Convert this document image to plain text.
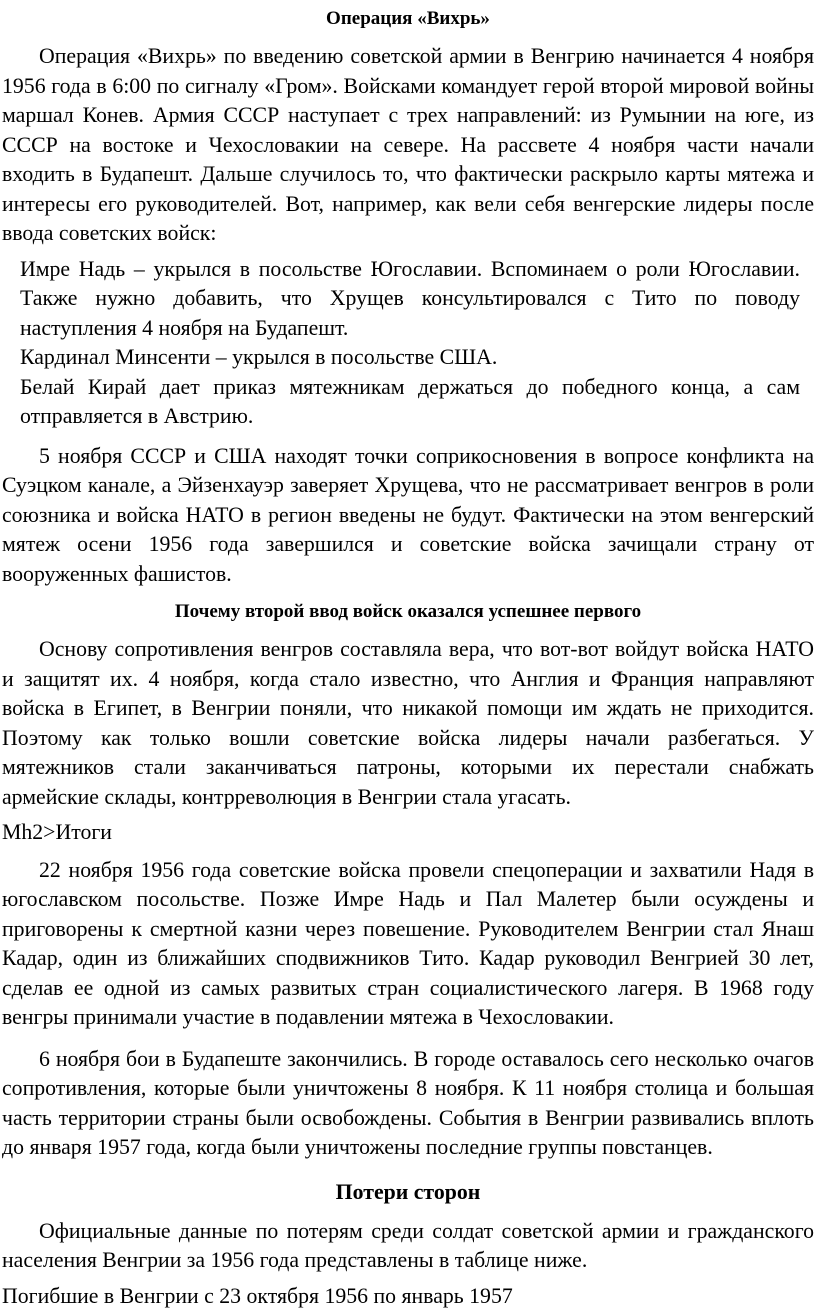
Операция «Вихрь»

Операция «Вихрь» по введению советской армии в Венгрию начинается 4 ноября 1956 года в 6:00 по сигналу «Гром». Войсками командует герой второй мировой войны маршал Конев. Армия СССР наступает с трех направлений: из Румынии на юге, из СССР на востоке и Чехословакии на севере. На рассвете 4 ноября части начали входить в Будапешт. Дальше случилось то, что фактически раскрыло карты мятежа и интересы его руководителей. Вот, например, как вели себя венгерские лидеры после ввода советских войск:

Имре Надь – укрылся в посольстве Югославии. Вспоминаем о роли Югославии. Также нужно добавить, что Хрущев консультировался с Тито по поводу наступления 4 ноября на Будапешт.

Кардинал Минсенти – укрылся в посольстве США.

Белай Кирай дает приказ мятежникам держаться до победного конца, а сам отправляется в Австрию.

5 ноября СССР и США находят точки соприкосновения в вопросе конфликта на Суэцком канале, а Эйзенхауэр заверяет Хрущева, что не рассматривает венгров в роли союзника и войска НАТО в регион введены не будут. Фактически на этом венгерский мятеж осени 1956 года завершился и советские войска зачищали страну от вооруженных фашистов.

Почему второй ввод войск оказался успешнее первого

Основу сопротивления венгров составляла вера, что вот-вот войдут войска НАТО и защитят их. 4 ноября, когда стало известно, что Англия и Франция направляют войска в Египет, в Венгрии поняли, что никакой помощи им ждать не приходится. Поэтому как только вошли советские войска лидеры начали разбегаться. У мятежников стали заканчиваться патроны, которыми их перестали снабжать армейские склады, контрреволюция в Венгрии стала угасать.

Mh2>Итоги

22 ноября 1956 года советские войска провели спецоперации и захватили Надя в югославском посольстве. Позже Имре Надь и Пал Малетер были осуждены и приговорены к смертной казни через повешение. Руководителем Венгрии стал Янаш Кадар, один из ближайших сподвижников Тито. Кадар руководил Венгрией 30 лет, сделав ее одной из самых развитых стран социалистического лагеря. В 1968 году венгры принимали участие в подавлении мятежа в Чехословакии.

6 ноября бои в Будапеште закончились. В городе оставалось сего несколько очагов сопротивления, которые были уничтожены 8 ноября. К 11 ноября столица и большая часть территории страны были освобождены. События в Венгрии развивались вплоть до января 1957 года, когда были уничтожены последние группы повстанцев.

Потери сторон

Официальные данные по потерям среди солдат советской армии и гражданского населения Венгрии за 1956 года представлены в таблице ниже.

Погибшие в Венгрии с 23 октября 1956 по январь 1957
